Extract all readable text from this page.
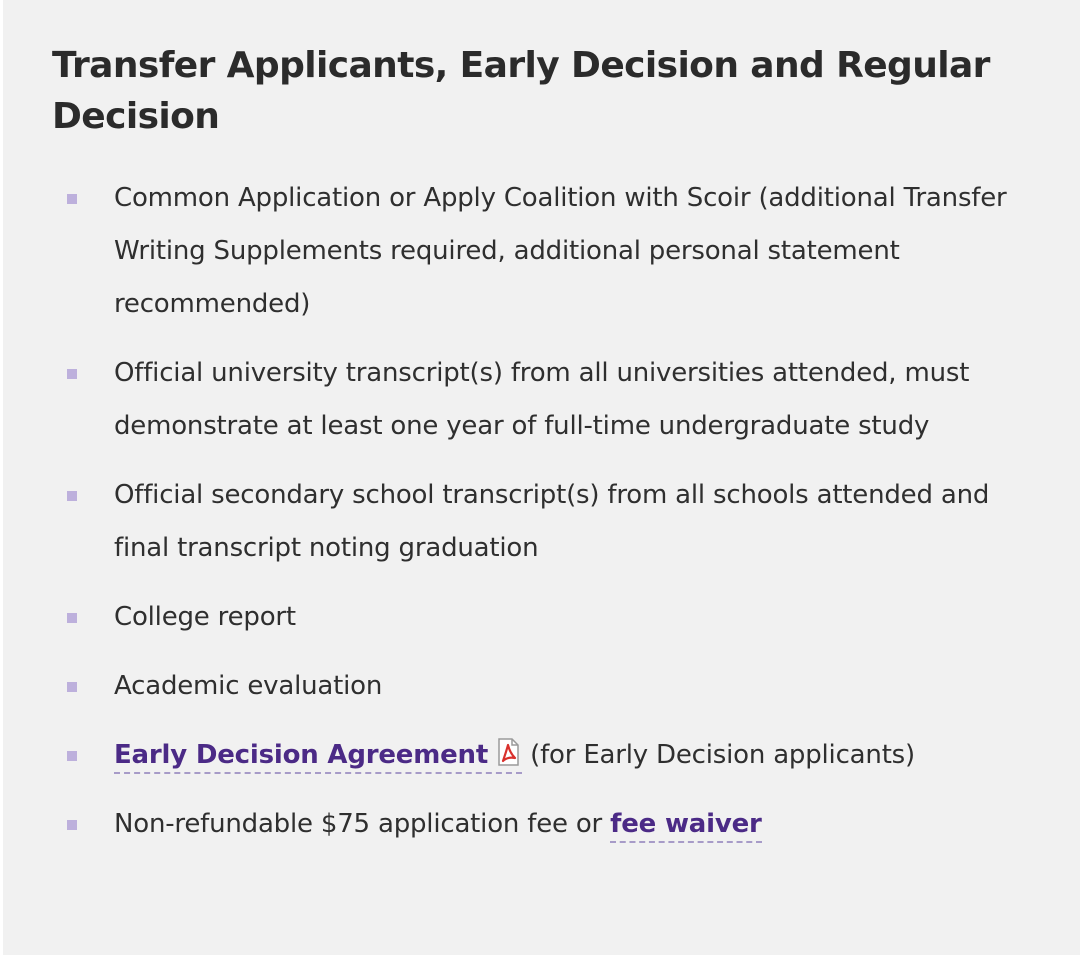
Transfer Applicants, Early Decision and Regular Decision
Common Application or Apply Coalition with Scoir (additional Transfer Writing Supplements required, additional personal statement recommended)
Official university transcript(s) from all universities attended, must demonstrate at least one year of full-time undergraduate study
Official secondary school transcript(s) from all schools attended and final transcript noting graduation
College report
Academic evaluation
Early Decision Agreement (for Early Decision applicants)
Non-refundable $75 application fee or fee waiver
